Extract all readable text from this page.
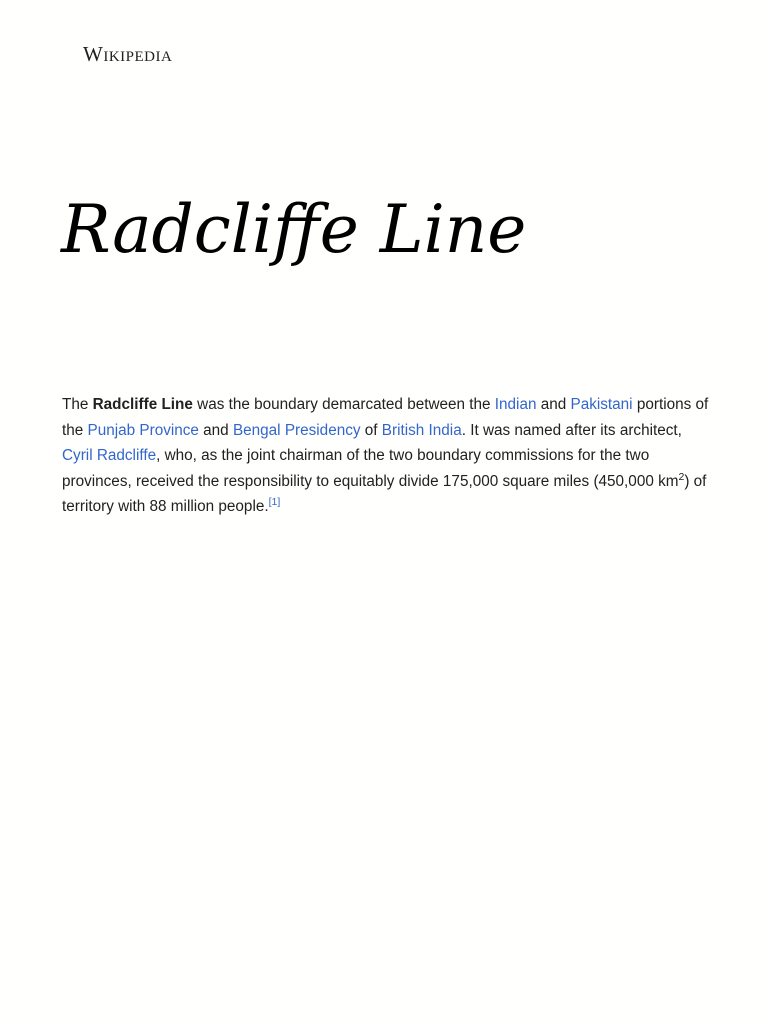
Wikipedia
Radcliffe Line

The Radcliffe Line was the boundary demarcated between the Indian and Pakistani portions of the Punjab Province and Bengal Presidency of British India. It was named after its architect, Cyril Radcliffe, who, as the joint chairman of the two boundary commissions for the two provinces, received the responsibility to equitably divide 175,000 square miles (450,000 $km^2$) of territory with 88 million people.[1]
